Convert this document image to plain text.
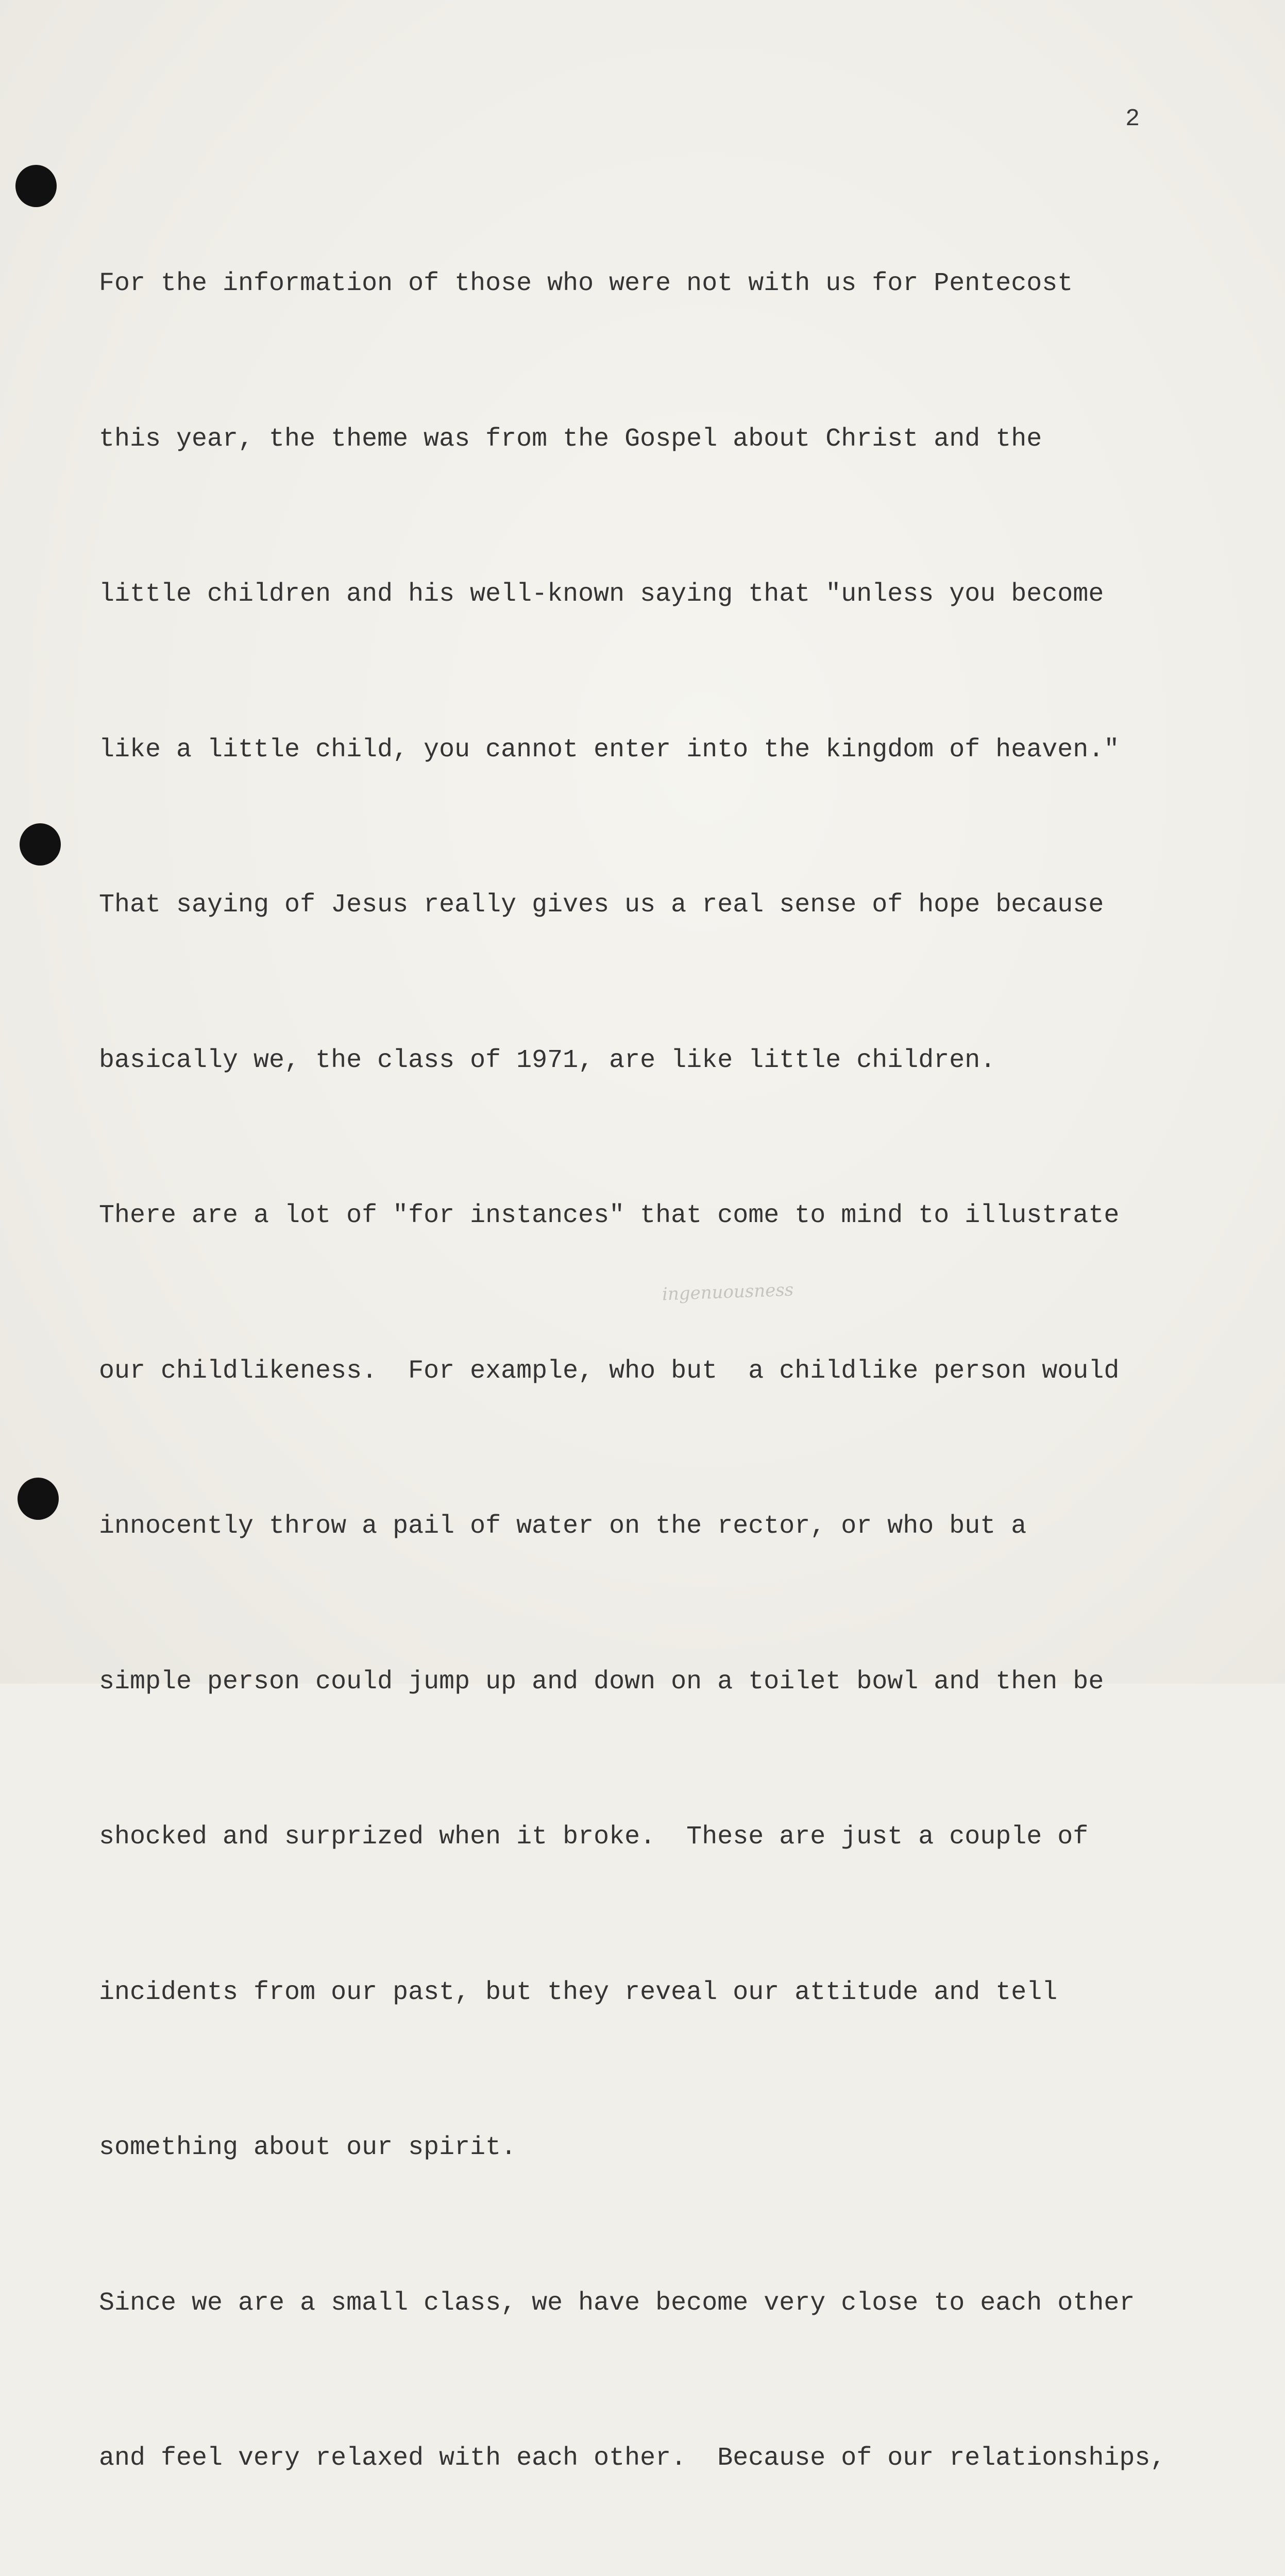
2

For the information of those who were not with us for Pentecost

this year, the theme was from the Gospel about Christ and the

little children and his well-known saying that "unless you become

like a little child, you cannot enter into the kingdom of heaven."

That saying of Jesus really gives us a real sense of hope because

basically we, the class of 1971, are like little children.

There are a lot of "for instances" that come to mind to illustrate

our childlikeness.  For example, who but  a childlike person would

innocently throw a pail of water on the rector, or who but a

simple person could jump up and down on a toilet bowl and then be

shocked and surprized when it broke.  These are just a couple of

incidents from our past, but they reveal our attitude and tell

something about our spirit.

Since we are a small class, we have become very close to each other

and feel very relaxed with each other.  Because of our relationships,

ingenuousness
